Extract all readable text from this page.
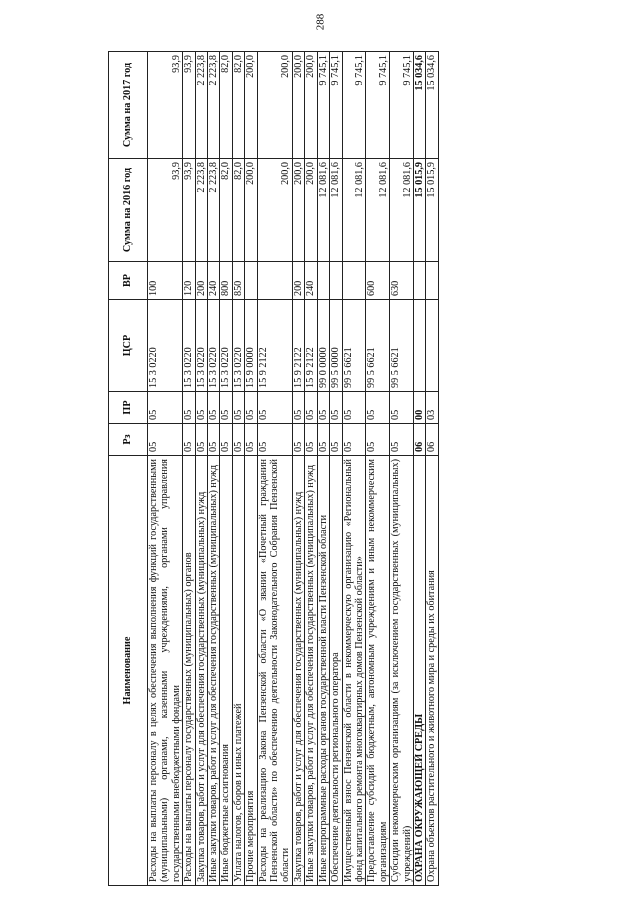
288
Наименование	Рз	ПР	ЦСР	ВР	Сумма на 2016 год	Сумма на 2017 год
Расходы на выплаты персоналу в целях обеспечения выполнения функций государственными (муниципальными) органами, казенными учреждениями, органами управления государственными внебюджетными фондами	05	05	15 3 0220	100	93,9	93,9
Расходы на выплаты персоналу государственных (муниципальных) органов	05	05	15 3 0220	120	93,9	93,9
Закупка товаров, работ и услуг для обеспечения государственных (муниципальных) нужд	05	05	15 3 0220	200	2 223,8	2 223,8
Иные закупки товаров, работ и услуг для обеспечения государственных (муниципальных) нужд	05	05	15 3 0220	240	2 223,8	2 223,8
Иные бюджетные ассигнования	05	05	15 3 0220	800	82,0	82,0
Уплата налогов, сборов и иных платежей	05	05	15 3 0220	850	82,0	82,0
Прочие мероприятия	05	05	15 9 0000		200,0	200,0
Расходы на реализацию Закона Пензенской области «О звании «Почетный гражданин Пензенской области» по обеспечению деятельности Законодательного Собрания Пензенской области	05	05	15 9 2122		200,0	200,0
Закупка товаров, работ и услуг для обеспечения государственных (муниципальных) нужд	05	05	15 9 2122	200	200,0	200,0
Иные закупки товаров, работ и услуг для обеспечения государственных (муниципальных) нужд	05	05	15 9 2122	240	200,0	200,0
Иные непрограммные расходы органов государственной власти Пензенской области	05	05	99 0 0000		12 081,6	9 745,1
Обеспечение деятельности регионального оператора	05	05	99 5 0000		12 081,6	9 745,1
Имущественный взнос Пензенской области в некоммерческую организацию «Региональный фонд капитального ремонта многоквартирных домов Пензенской области»	05	05	99 5 6621		12 081,6	9 745,1
Предоставление субсидий бюджетным, автономным учреждениям и иным некоммерческим организациям	05	05	99 5 6621	600	12 081,6	9 745,1
Субсидии некоммерческим организациям (за исключением государственных (муниципальных) учреждений)	05	05	99 5 6621	630	12 081,6	9 745,1
ОХРАНА ОКРУЖАЮЩЕЙ СРЕДЫ	06	00			15 015,9	15 034,6
Охрана объектов растительного и животного мира и среды их обитания	06	03			15 015,9	15 034,6
